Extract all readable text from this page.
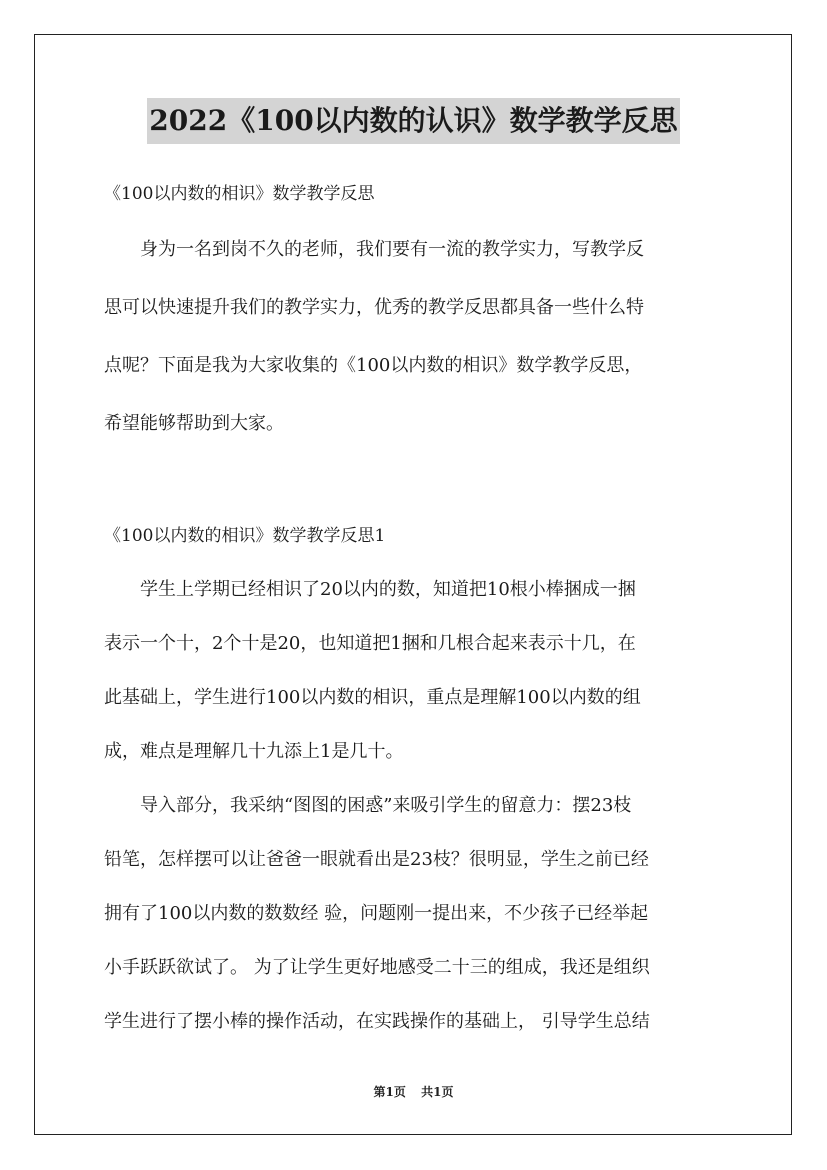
2022《100以内数的认识》数学教学反思

《100以内数的相识》数学教学反思

身为一名到岗不久的老师，我们要有一流的教学实力，写教学反
思可以快速提升我们的教学实力，优秀的教学反思都具备一些什么特
点呢？下面是我为大家收集的《100以内数的相识》数学教学反思，
希望能够帮助到大家。

《100以内数的相识》数学教学反思1

学生上学期已经相识了20以内的数，知道把10根小棒捆成一捆
表示一个十，2个十是20，也知道把1捆和几根合起来表示十几，在
此基础上，学生进行100以内数的相识，重点是理解100以内数的组
成，难点是理解几十九添上1是几十。
导入部分，我采纳“图图的困惑”来吸引学生的留意力：摆23枝
铅笔，怎样摆可以让爸爸一眼就看出是23枝？很明显，学生之前已经
拥有了100以内数的数数经 验，问题刚一提出来，不少孩子已经举起
小手跃跃欲试了。 为了让学生更好地感受二十三的组成，我还是组织
学生进行了摆小棒的操作活动，在实践操作的基础上， 引导学生总结
第1页 共1页
